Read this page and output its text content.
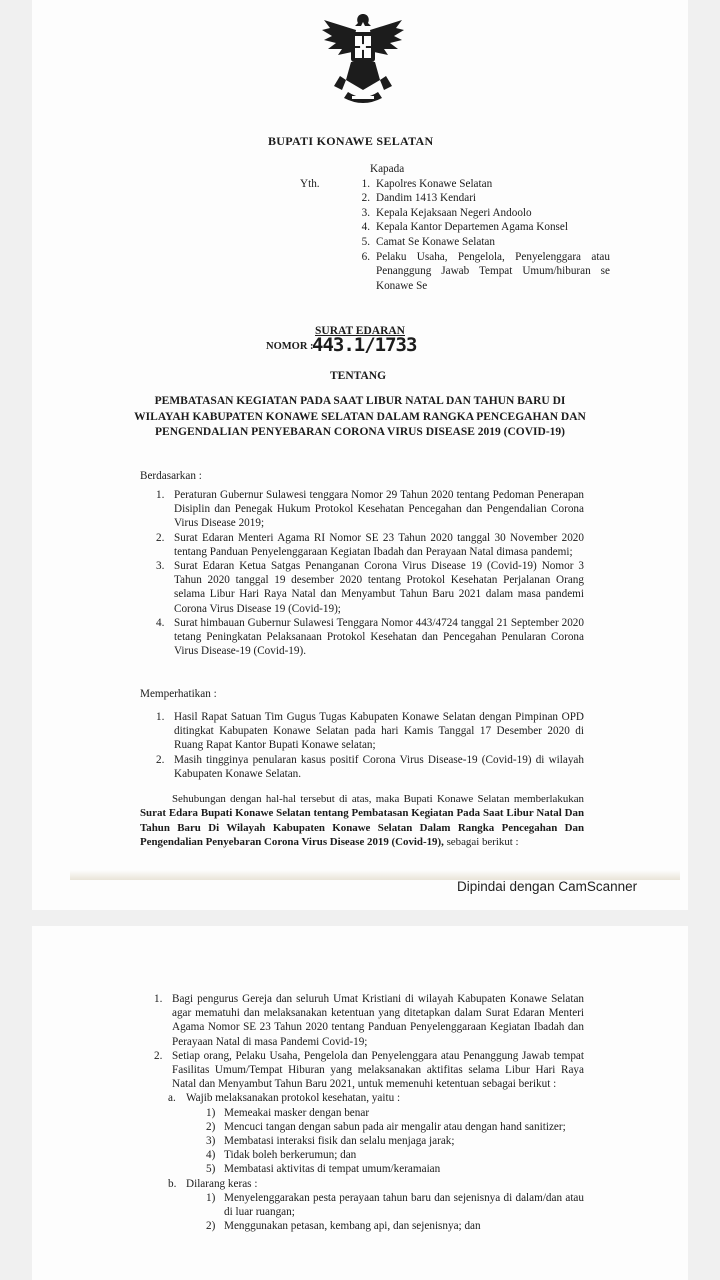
BUPATI KONAWE SELATAN
Kapada
Yth.	1. Kapolres Konawe Selatan
2. Dandim 1413 Kendari
3. Kepala Kejaksaan Negeri Andoolo
4. Kepala Kantor Departemen Agama Konsel
5. Camat Se Konawe Selatan
6. Pelaku Usaha, Pengelola, Penyelenggara atau Penanggung Jawab Tempat Umum/hiburan se Konawe Se
SURAT EDARAN
NOMOR :
443.1/1733
TENTANG
PEMBATASAN KEGIATAN PADA SAAT LIBUR NATAL DAN TAHUN BARU DI WILAYAH KABUPATEN KONAWE SELATAN DALAM RANGKA PENCEGAHAN DAN PENGENDALIAN PENYEBARAN CORONA VIRUS DISEASE 2019 (COVID-19)
Berdasarkan :
1. Peraturan Gubernur Sulawesi tenggara Nomor 29 Tahun 2020 tentang Pedoman Penerapan Disiplin dan Penegak Hukum Protokol Kesehatan Pencegahan dan Pengendalian Corona Virus Disease 2019;
2. Surat Edaran Menteri Agama RI Nomor SE 23 Tahun 2020 tanggal 30 November 2020 tentang Panduan Penyelenggaraan Kegiatan Ibadah dan Perayaan Natal dimasa pandemi;
3. Surat Edaran Ketua Satgas Penanganan Corona Virus Disease 19 (Covid-19) Nomor 3 Tahun 2020 tanggal 19 desember 2020 tentang Protokol Kesehatan Perjalanan Orang selama Libur Hari Raya Natal dan Menyambut Tahun Baru 2021 dalam masa pandemi Corona Virus Disease 19 (Covid-19);
4. Surat himbauan Gubernur Sulawesi Tenggara Nomor 443/4724 tanggal 21 September 2020 tetang Peningkatan Pelaksanaan Protokol Kesehatan dan Pencegahan Penularan Corona Virus Disease-19 (Covid-19).
Memperhatikan :
1. Hasil Rapat Satuan Tim Gugus Tugas Kabupaten Konawe Selatan dengan Pimpinan OPD ditingkat Kabupaten Konawe Selatan pada hari Kamis Tanggal 17 Desember 2020 di Ruang Rapat Kantor Bupati Konawe selatan;
2. Masih tingginya penularan kasus positif Corona Virus Disease-19 (Covid-19) di wilayah Kabupaten Konawe Selatan.
Sehubungan dengan hal-hal tersebut di atas, maka Bupati Konawe Selatan memberlakukan Surat Edara Bupati Konawe Selatan tentang Pembatasan Kegiatan Pada Saat Libur Natal Dan Tahun Baru Di Wilayah Kabupaten Konawe Selatan Dalam Rangka Pencegahan Dan Pengendalian Penyebaran Corona Virus Disease 2019 (Covid-19), sebagai berikut :
Dipindai dengan CamScanner
1. Bagi pengurus Gereja dan seluruh Umat Kristiani di wilayah Kabupaten Konawe Selatan agar mematuhi dan melaksanakan ketentuan yang ditetapkan dalam Surat Edaran Menteri Agama Nomor SE 23 Tahun 2020 tentang Panduan Penyelenggaraan Kegiatan Ibadah dan Perayaan Natal di masa Pandemi Covid-19;
2. Setiap orang, Pelaku Usaha, Pengelola dan Penyelenggara atau Penanggung Jawab tempat Fasilitas Umum/Tempat Hiburan yang melaksanakan aktifitas selama Libur Hari Raya Natal dan Menyambut Tahun Baru 2021, untuk memenuhi ketentuan sebagai berikut :
a. Wajib melaksanakan protokol kesehatan, yaitu :
1) Memeakai masker dengan benar
2) Mencuci tangan dengan sabun pada air mengalir atau dengan hand sanitizer;
3) Membatasi interaksi fisik dan selalu menjaga jarak;
4) Tidak boleh berkerumun; dan
5) Membatasi aktivitas di tempat umum/keramaian
b. Dilarang keras :
1) Menyelenggarakan pesta perayaan tahun baru dan sejenisnya di dalam/dan atau di luar ruangan;
2) Menggunakan petasan, kembang api, dan sejenisnya; dan
